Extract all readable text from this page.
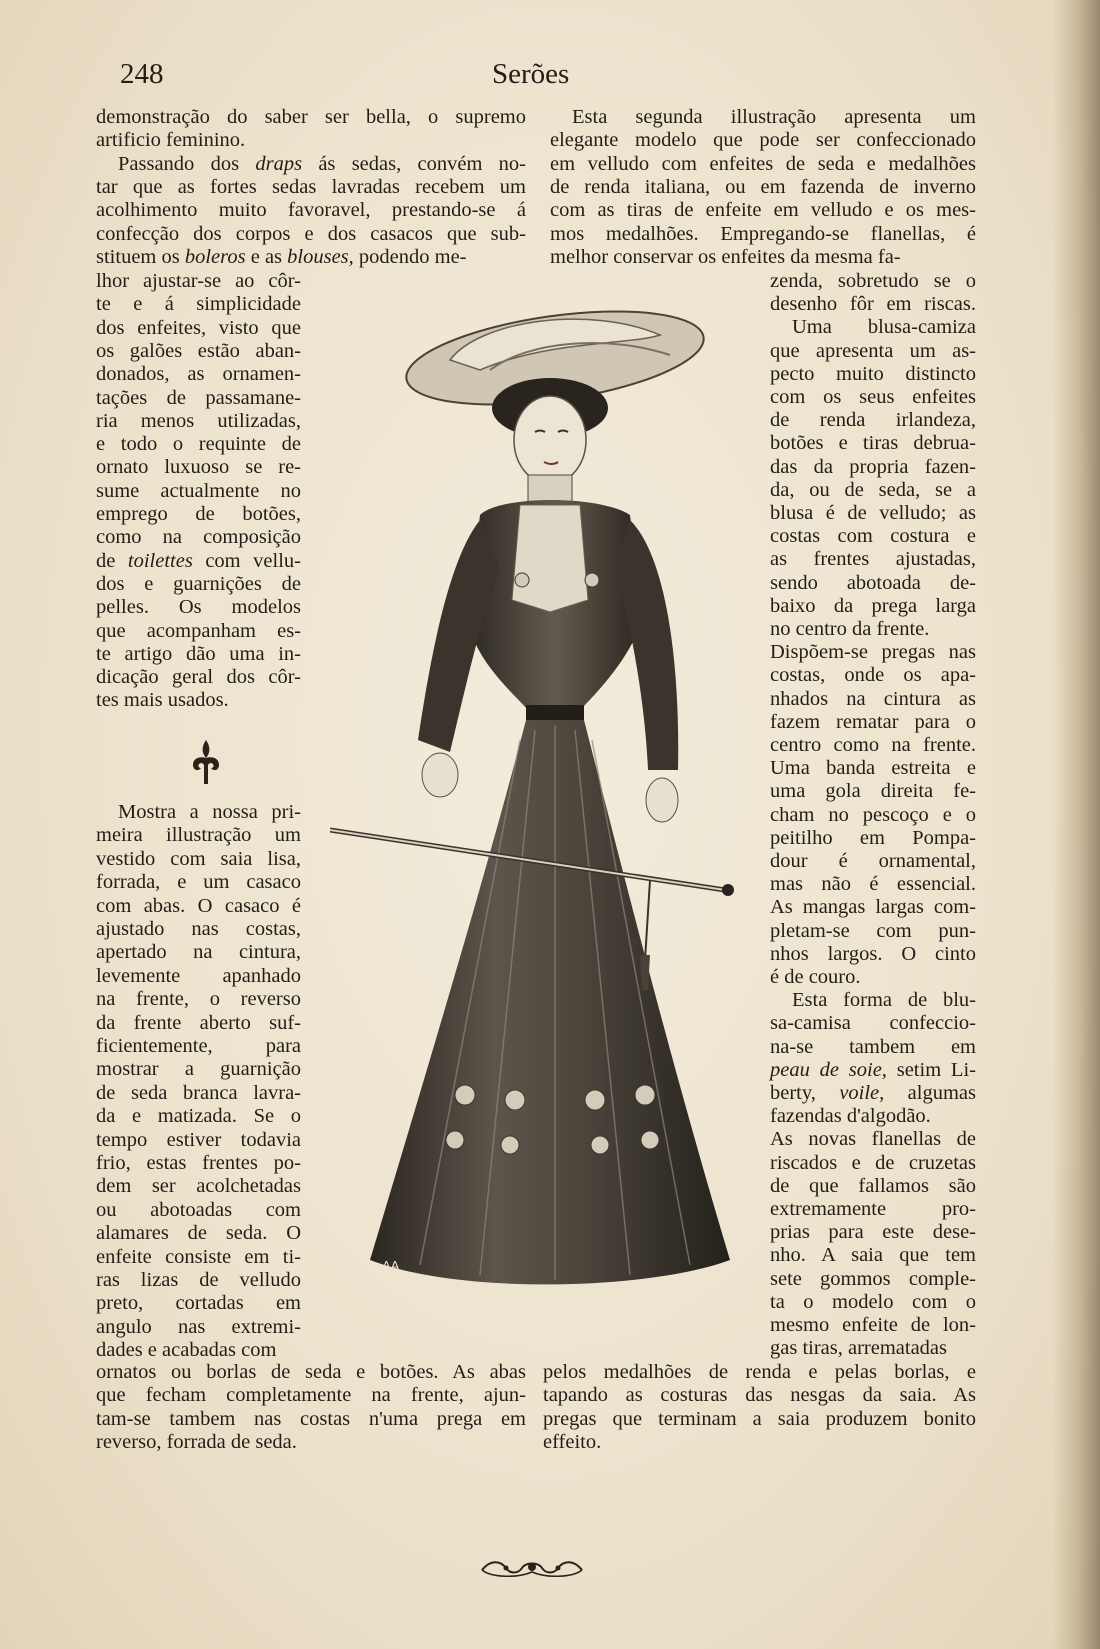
248	Serões
demonstração do saber ser bella, o supremo
artificio feminino.
Passando dos draps ás sedas, convém no-
tar que as fortes sedas lavradas recebem um
acolhimento muito favoravel, prestando-se á
confecção dos corpos e dos casacos que sub-
stituem os boleros e as blouses, podendo me-
lhor ajustar-se ao côr-
te e á simplicidade
dos enfeites, visto que
os galões estão aban-
donados, as ornamen-
tações de passamane-
ria menos utilizadas,
e todo o requinte de
ornato luxuoso se re-
sume actualmente no
emprego de botões,
como na composição
de toilettes com vellu-
dos e guarnições de
pelles. Os modelos
que acompanham es-
te artigo dão uma in-
dicação geral dos côr-
tes mais usados.
Mostra a nossa pri-
meira illustração um
vestido com saia lisa,
forrada, e um casaco
com abas. O casaco é
ajustado nas costas,
apertado na cintura,
levemente apanhado
na frente, o reverso
da frente aberto suf-
ficientemente, para
mostrar a guarnição
de seda branca lavra-
da e matizada. Se o
tempo estiver todavia
frio, estas frentes po-
dem ser acolchetadas
ou abotoadas com
alamares de seda. O
enfeite consiste em ti-
ras lizas de velludo
preto, cortadas em
angulo nas extremi-
dades e acabadas com
ornatos ou borlas de seda e botões. As abas
que fecham completamente na frente, ajun-
tam-se tambem nas costas n'uma prega em
reverso, forrada de seda.
Esta segunda illustração apresenta um
elegante modelo que pode ser confeccionado
em velludo com enfeites de seda e medalhões
de renda italiana, ou em fazenda de inverno
com as tiras de enfeite em velludo e os mes-
mos medalhões. Empregando-se flanellas, é
melhor conservar os enfeites da mesma fa-
zenda, sobretudo se o
desenho fôr em riscas.
Uma blusa-camiza
que apresenta um as-
pecto muito distincto
com os seus enfeites
de renda irlandeza,
botões e tiras debrua-
das da propria fazen-
da, ou de seda, se a
blusa é de velludo; as
costas com costura e
as frentes ajustadas,
sendo abotoada de-
baixo da prega larga
no centro da frente.
Dispõem-se pregas nas
costas, onde os apa-
nhados na cintura as
fazem rematar para o
centro como na frente.
Uma banda estreita e
uma gola direita fe-
cham no pescoço e o
peitilho em Pompa-
dour é ornamental,
mas não é essencial.
As mangas largas com-
pletam-se com pun-
nhos largos. O cinto
é de couro.
Esta forma de blu-
sa-camisa confeccio-
na-se tambem em
peau de soie, setim Li-
berty, voile, algumas
fazendas d'algodão.
As novas flanellas de
riscados e de cruzetas
de que fallamos são
extremamente pro-
prias para este dese-
nho. A saia que tem
sete gommos comple-
ta o modelo com o
mesmo enfeite de lon-
gas tiras, arrematadas
pelos medalhões de renda e pelas borlas, e
tapando as costuras das nesgas da saia. As
pregas que terminam a saia produzem bonito
effeito.
AA
